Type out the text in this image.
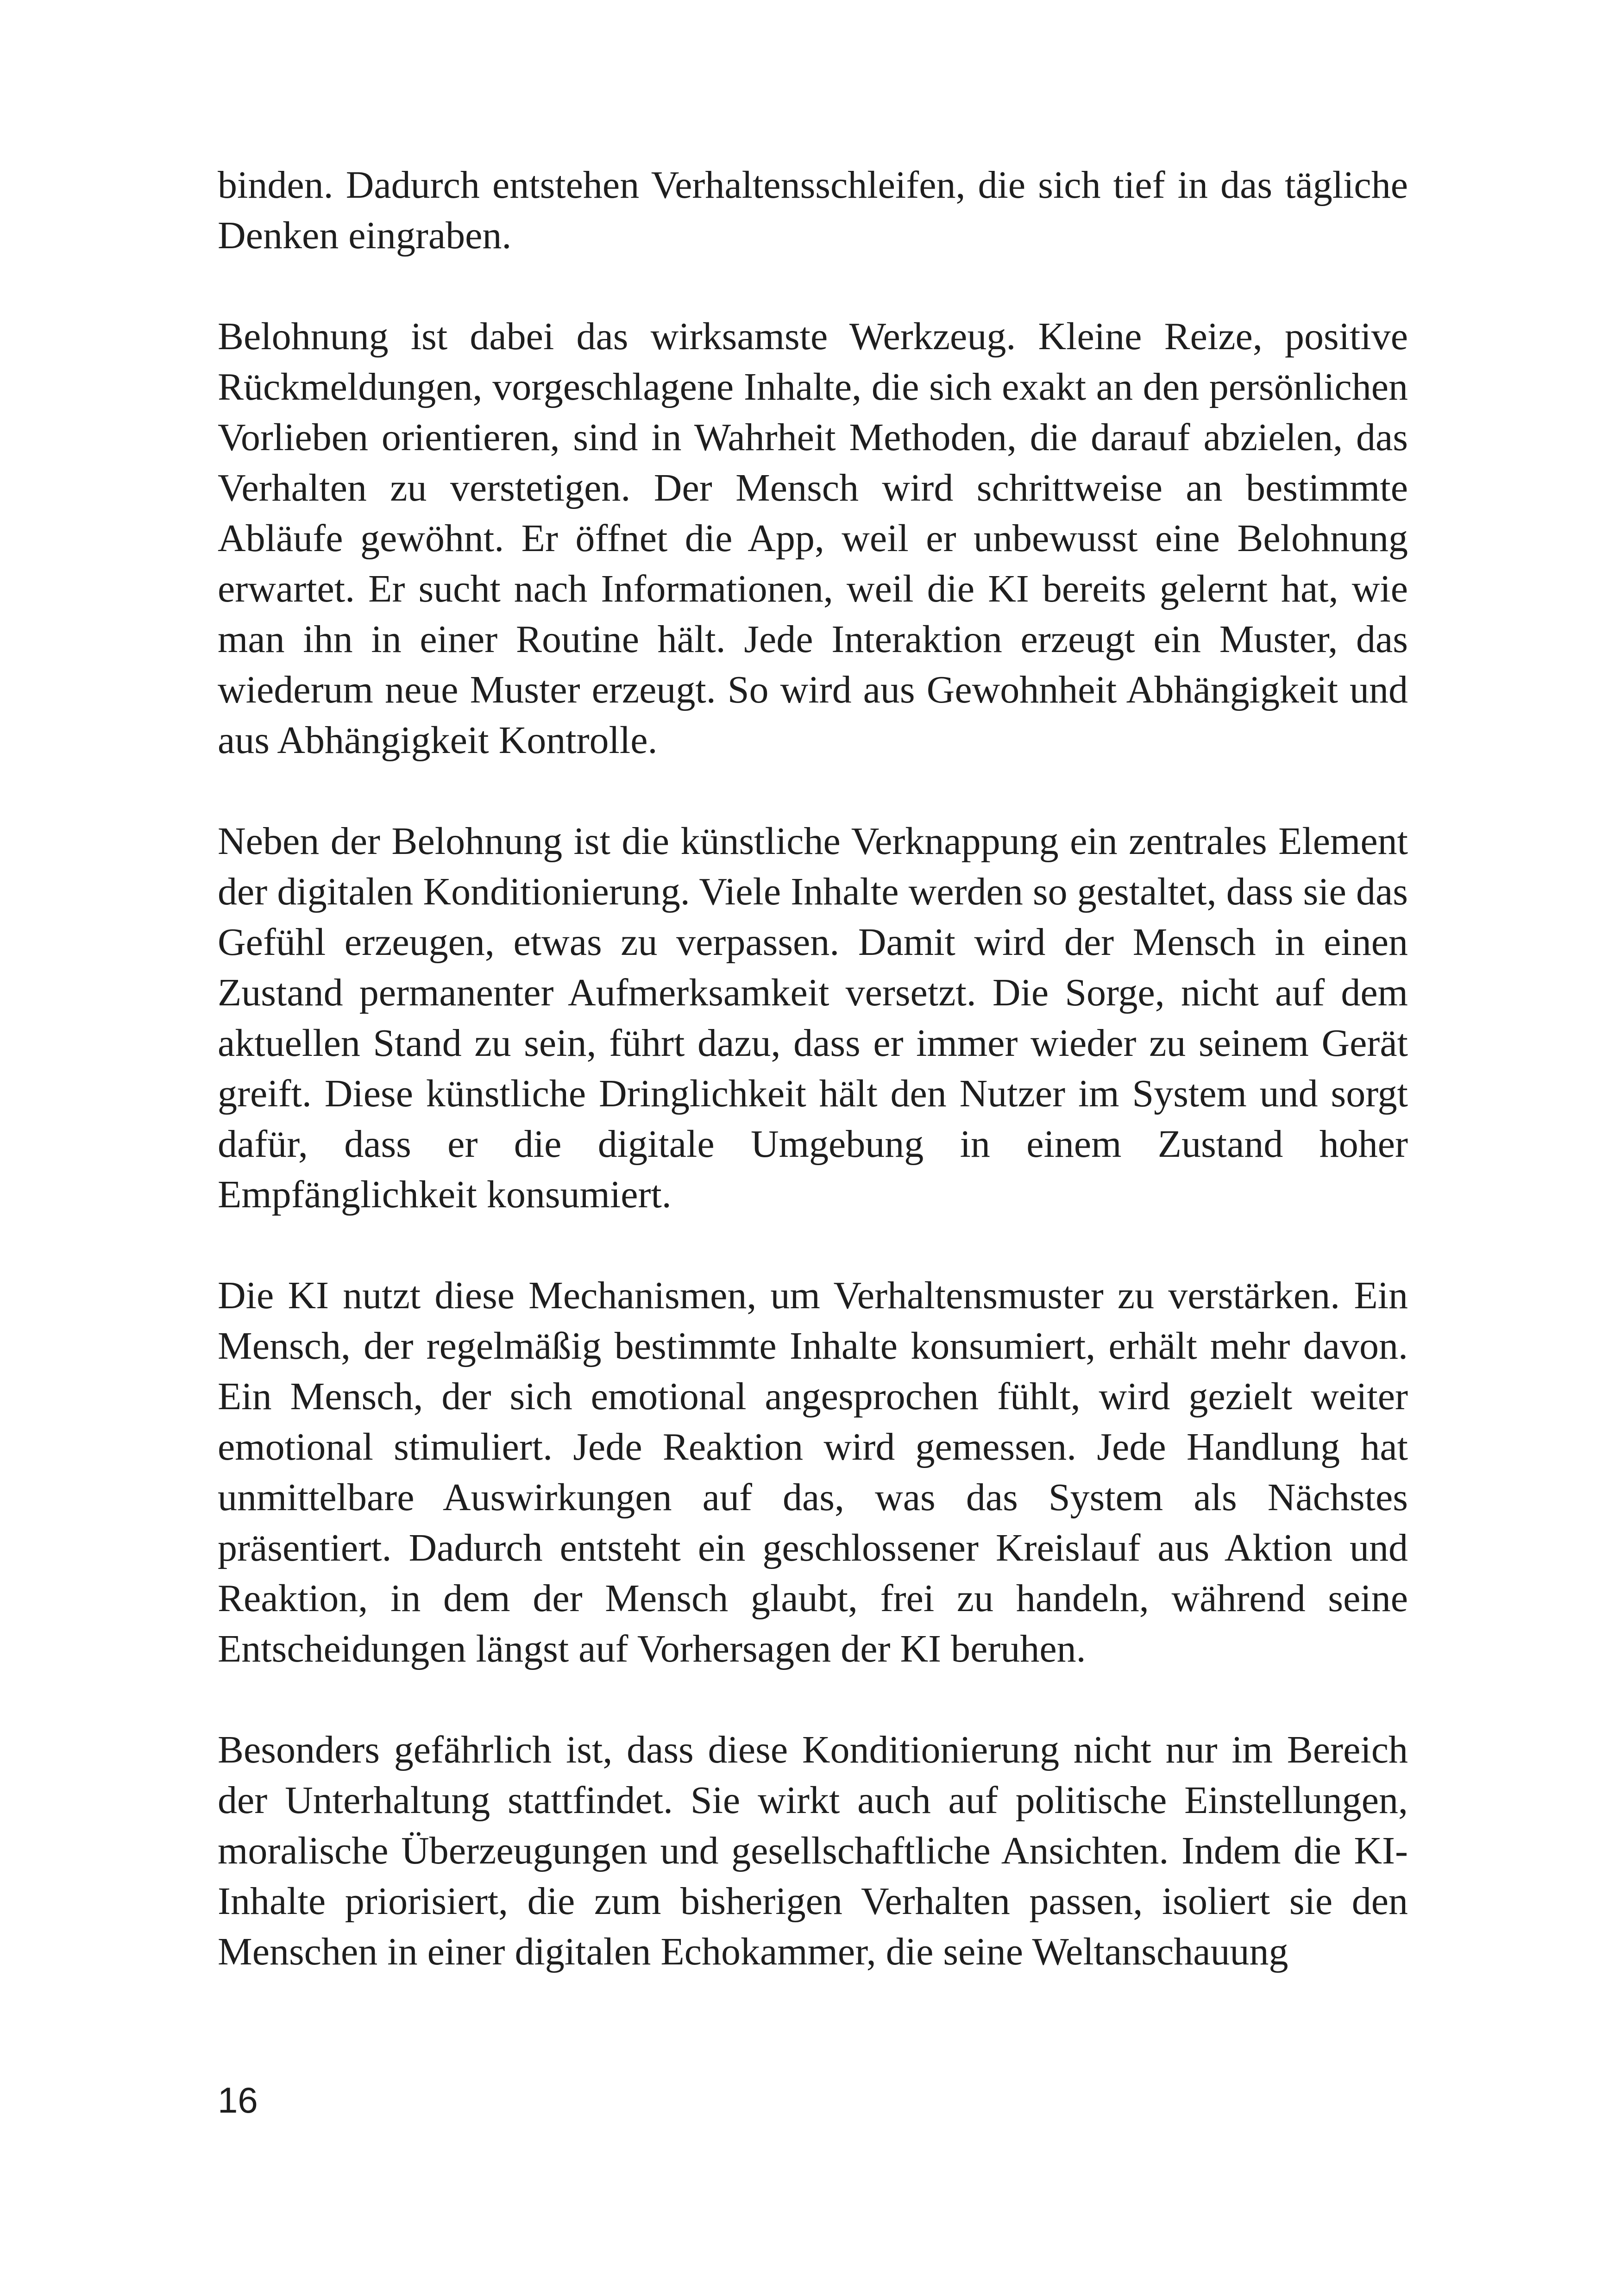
binden. Dadurch entstehen Verhaltensschleifen, die sich tief in das tägliche Denken eingraben.

Belohnung ist dabei das wirksamste Werkzeug. Kleine Reize, positive Rückmeldungen, vorgeschlagene Inhalte, die sich exakt an den persönlichen Vorlieben orientieren, sind in Wahrheit Methoden, die darauf abzielen, das Verhalten zu verstetigen. Der Mensch wird schrittweise an bestimmte Abläufe gewöhnt. Er öffnet die App, weil er unbewusst eine Belohnung erwartet. Er sucht nach Informationen, weil die KI bereits gelernt hat, wie man ihn in einer Routine hält. Jede Interaktion erzeugt ein Muster, das wiederum neue Muster erzeugt. So wird aus Gewohnheit Abhängigkeit und aus Abhängigkeit Kontrolle.

Neben der Belohnung ist die künstliche Verknappung ein zentrales Element der digitalen Konditionierung. Viele Inhalte werden so gestaltet, dass sie das Gefühl erzeugen, etwas zu verpassen. Damit wird der Mensch in einen Zustand permanenter Aufmerksamkeit versetzt. Die Sorge, nicht auf dem aktuellen Stand zu sein, führt dazu, dass er immer wieder zu seinem Gerät greift. Diese künstliche Dringlichkeit hält den Nutzer im System und sorgt dafür, dass er die digitale Umgebung in einem Zustand hoher Empfänglichkeit konsumiert.

Die KI nutzt diese Mechanismen, um Verhaltensmuster zu verstärken. Ein Mensch, der regelmäßig bestimmte Inhalte konsumiert, erhält mehr davon. Ein Mensch, der sich emotional angesprochen fühlt, wird gezielt weiter emotional stimuliert. Jede Reaktion wird gemessen. Jede Handlung hat unmittelbare Auswirkungen auf das, was das System als Nächstes präsentiert. Dadurch entsteht ein geschlossener Kreislauf aus Aktion und Reaktion, in dem der Mensch glaubt, frei zu handeln, während seine Entscheidungen längst auf Vorhersagen der KI beruhen.

Besonders gefährlich ist, dass diese Konditionierung nicht nur im Bereich der Unterhaltung stattfindet. Sie wirkt auch auf politische Einstellungen, moralische Überzeugungen und gesellschaftliche Ansichten. Indem die KI-Inhalte priorisiert, die zum bisherigen Verhalten passen, isoliert sie den Menschen in einer digitalen Echokammer, die seine Weltanschauung

16
